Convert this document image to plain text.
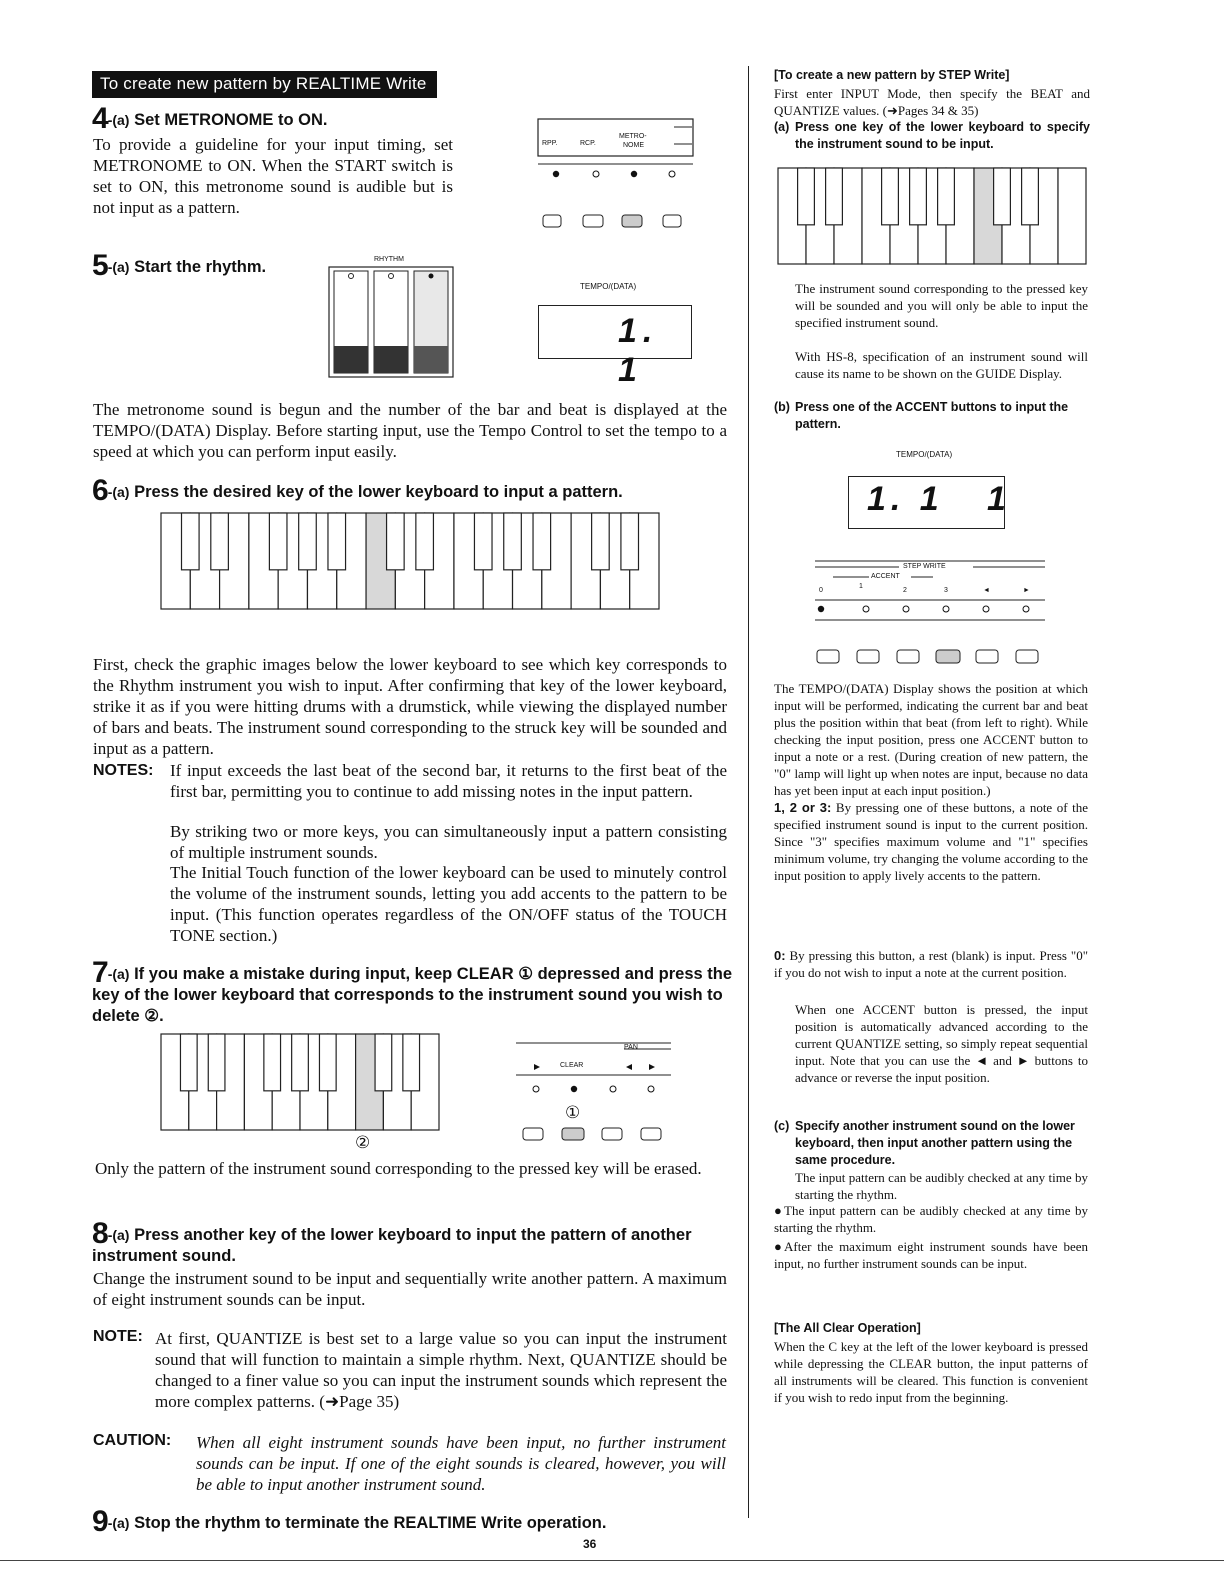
To create new pattern by REALTIME Write
4-(a) Set METRONOME to ON.
To provide a guideline for your input timing, set METRONOME to ON. When the START switch is set to ON, this metronome sound is audible but is not input as a pattern.
RPP.	RCP.
METRO-
NOME
5-(a) Start the rhythm.	RHYTHM
TEMPO/(DATA)
1. 1
The metronome sound is begun and the number of the bar and beat is displayed at the TEMPO/(DATA) Display. Before starting input, use the Tempo Control to set the tempo to a speed at which you can perform input easily.
6-(a) Press the desired key of the lower keyboard to input a pattern.
First, check the graphic images below the lower keyboard to see which key corresponds to the Rhythm instrument you wish to input. After confirming that key of the lower keyboard, strike it as if you were hitting drums with a drumstick, while viewing the displayed number of bars and beats. The instrument sound corresponding to the struck key will be sounded and input as a pattern.
NOTES: If input exceeds the last beat of the second bar, it returns to the first beat of the first bar, permitting you to continue to add missing notes in the input pattern.
By striking two or more keys, you can simultaneously input a pattern consisting of multiple instrument sounds.
The Initial Touch function of the lower keyboard can be used to minutely control the volume of the instrument sounds, letting you add accents to the pattern to be input. (This function operates regardless of the ON/OFF status of the TOUCH TONE section.)
7-(a) If you make a mistake during input, keep CLEAR ① depressed and press the key of the lower keyboard that corresponds to the instrument sound you wish to delete ②.
②
PAN
CLEAR
①
Only the pattern of the instrument sound corresponding to the pressed key will be erased.
8-(a) Press another key of the lower keyboard to input the pattern of another instrument sound.
Change the instrument sound to be input and sequentially write another pattern. A maximum of eight instrument sounds can be input.
NOTE: At first, QUANTIZE is best set to a large value so you can input the instrument sound that will function to maintain a simple rhythm. Next, QUANTIZE should be changed to a finer value so you can input the instrument sounds which represent the more complex patterns. (➜Page 35)
CAUTION: When all eight instrument sounds have been input, no further instrument sounds can be input. If one of the eight sounds is cleared, however, you will be able to input another instrument sound.
9-(a) Stop the rhythm to terminate the REALTIME Write operation.
36
[To create a new pattern by STEP Write]
First enter INPUT Mode, then specify the BEAT and QUANTIZE values. (➜Pages 34 & 35)
(a) Press one key of the lower keyboard to specify the instrument sound to be input.
The instrument sound corresponding to the pressed key will be sounded and you will only be able to input the specified instrument sound.
With HS-8, specification of an instrument sound will cause its name to be shown on the GUIDE Display.
(b) Press one of the ACCENT buttons to input the pattern.
TEMPO/(DATA)
1. 1   1
STEP WRITE
ACCENT
0
1
2	3	◄	►
The TEMPO/(DATA) Display shows the position at which input will be performed, indicating the current bar and beat plus the position within that beat (from left to right). While checking the input position, press one ACCENT button to input a note or a rest. (During creation of new pattern, the "0" lamp will light up when notes are input, because no data has yet been input at each input position.)
1, 2 or 3: By pressing one of these buttons, a note of the specified instrument sound is input to the current position. Since "3" specifies maximum volume and "1" specifies minimum volume, try changing the volume according to the input position to apply lively accents to the pattern.
0: By pressing this button, a rest (blank) is input. Press "0" if you do not wish to input a note at the current position.
When one ACCENT button is pressed, the input position is automatically advanced according to the current QUANTIZE setting, so simply repeat sequential input. Note that you can use the ◄ and ► buttons to advance or reverse the input position.
(c) Specify another instrument sound on the lower keyboard, then input another pattern using the same procedure.
The input pattern can be audibly checked at any time by starting the rhythm.
● The input pattern can be audibly checked at any time by starting the rhythm.
● After the maximum eight instrument sounds have been input, no further instrument sounds can be input.
[The All Clear Operation]
When the C key at the left of the lower keyboard is pressed while depressing the CLEAR button, the input patterns of all instruments will be cleared. This function is convenient if you wish to redo input from the beginning.
